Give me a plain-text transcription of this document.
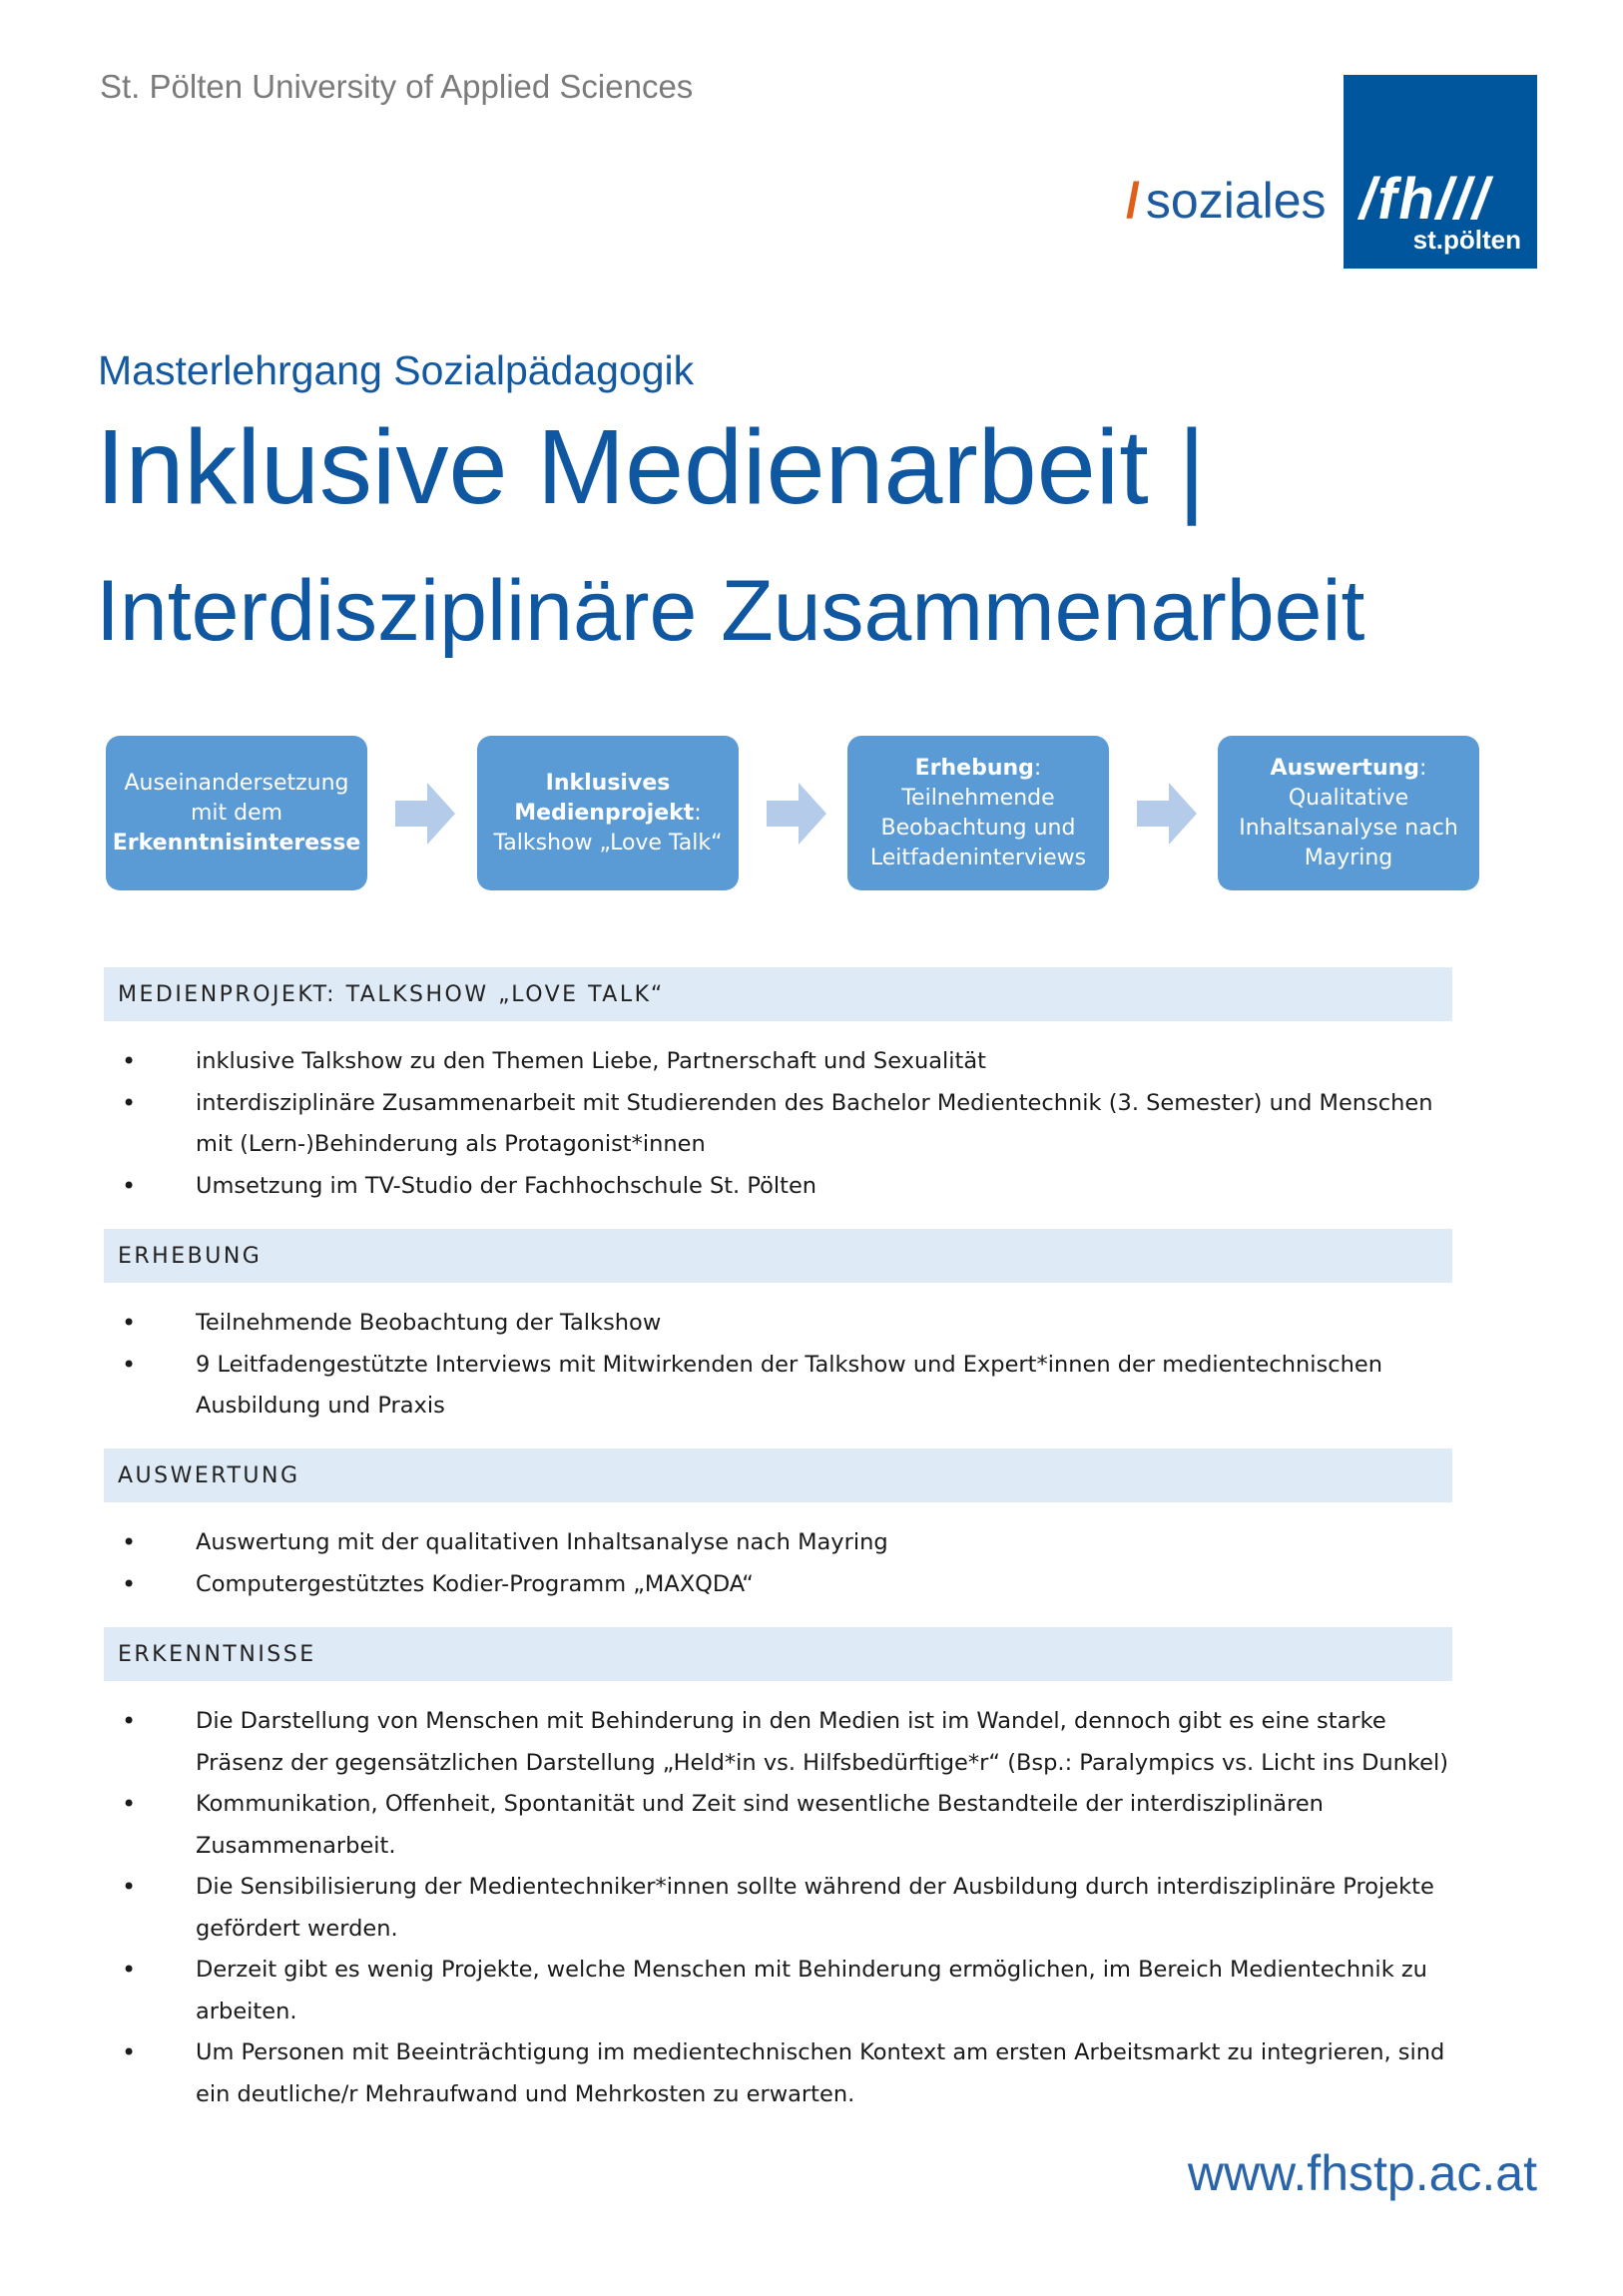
St. Pölten University of Applied Sciences
/ soziales /fh///
st.pölten
Masterlehrgang Sozialpädagogik
Inklusive Medienarbeit |
Interdisziplinäre Zusammenarbeit
Auseinandersetzung mit dem
Erkenntnisinteresse
Inklusives Medienprojekt: Talkshow „Love Talk“
Erhebung: Teilnehmende Beobachtung und Leitfadeninterviews
Auswertung: Qualitative Inhaltsanalyse nach Mayring
MEDIENPROJEKT: TALKSHOW „LOVE TALK“
•	inklusive Talkshow zu den Themen Liebe, Partnerschaft und Sexualität
•	interdisziplinäre Zusammenarbeit mit Studierenden des Bachelor Medientechnik (3. Semester) und Menschen mit (Lern-)Behinderung als Protagonist*innen
•	Umsetzung im TV-Studio der Fachhochschule St. Pölten
ERHEBUNG
•	Teilnehmende Beobachtung der Talkshow
•	9 Leitfadengestützte Interviews mit Mitwirkenden der Talkshow und Expert*innen der medientechnischen Ausbildung und Praxis
AUSWERTUNG
•	Auswertung mit der qualitativen Inhaltsanalyse nach Mayring
•	Computergestütztes Kodier-Programm „MAXQDA“
ERKENNTNISSE
•	Die Darstellung von Menschen mit Behinderung in den Medien ist im Wandel, dennoch gibt es eine starke Präsenz der gegensätzlichen Darstellung „Held*in vs. Hilfsbedürftige*r“ (Bsp.: Paralympics vs. Licht ins Dunkel)
•	Kommunikation, Offenheit, Spontanität und Zeit sind wesentliche Bestandteile der interdisziplinären Zusammenarbeit.
•	Die Sensibilisierung der Medientechniker*innen sollte während der Ausbildung durch interdisziplinäre Projekte gefördert werden.
•	Derzeit gibt es wenig Projekte, welche Menschen mit Behinderung ermöglichen, im Bereich Medientechnik zu arbeiten.
•	Um Personen mit Beeinträchtigung im medientechnischen Kontext am ersten Arbeitsmarkt zu integrieren, sind ein deutliche/r Mehraufwand und Mehrkosten zu erwarten.
www.fhstp.ac.at
